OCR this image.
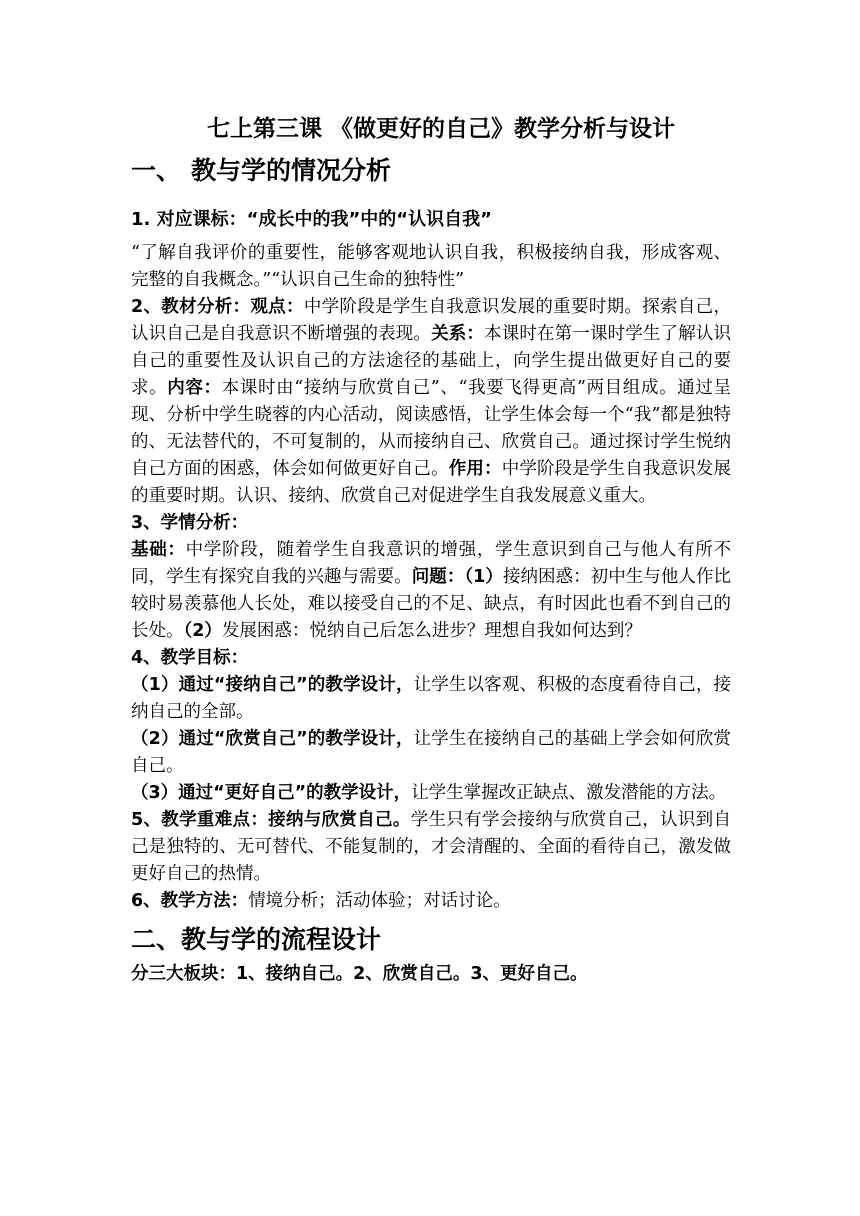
七上第三课 《做更好的自己》教学分析与设计
一、 教与学的情况分析
1. 对应课标：“成长中的我”中的“认识自我”

“了解自我评价的重要性，能够客观地认识自我，积极接纳自我，形成客观、完整的自我概念。”“认识自己生命的独特性”

2、教材分析：观点：中学阶段是学生自我意识发展的重要时期。探索自己，认识自己是自我意识不断增强的表现。关系：本课时在第一课时学生了解认识自己的重要性及认识自己的方法途径的基础上，向学生提出做更好自己的要求。内容：本课时由“接纳与欣赏自己”、“我要飞得更高”两目组成。通过呈现、分析中学生晓蓉的内心活动，阅读感悟，让学生体会每一个“我”都是独特的、无法替代的，不可复制的，从而接纳自己、欣赏自己。通过探讨学生悦纳自己方面的困惑，体会如何做更好自己。作用：中学阶段是学生自我意识发展的重要时期。认识、接纳、欣赏自己对促进学生自我发展意义重大。

3、学情分析：

基础：中学阶段，随着学生自我意识的增强，学生意识到自己与他人有所不同，学生有探究自我的兴趣与需要。问题：（1）接纳困惑：初中生与他人作比较时易羡慕他人长处，难以接受自己的不足、缺点，有时因此也看不到自己的长处。（2）发展困惑：悦纳自己后怎么进步？理想自我如何达到？

4、教学目标：

（1）通过“接纳自己”的教学设计，让学生以客观、积极的态度看待自己，接纳自己的全部。

（2）通过“欣赏自己”的教学设计，让学生在接纳自己的基础上学会如何欣赏自己。

（3）通过“更好自己”的教学设计，让学生掌握改正缺点、激发潜能的方法。

5、教学重难点：接纳与欣赏自己。学生只有学会接纳与欣赏自己，认识到自己是独特的、无可替代、不能复制的，才会清醒的、全面的看待自己，激发做更好自己的热情。

6、教学方法：情境分析；活动体验；对话讨论。

二、教与学的流程设计

分三大板块：1、接纳自己。2、欣赏自己。3、更好自己。
